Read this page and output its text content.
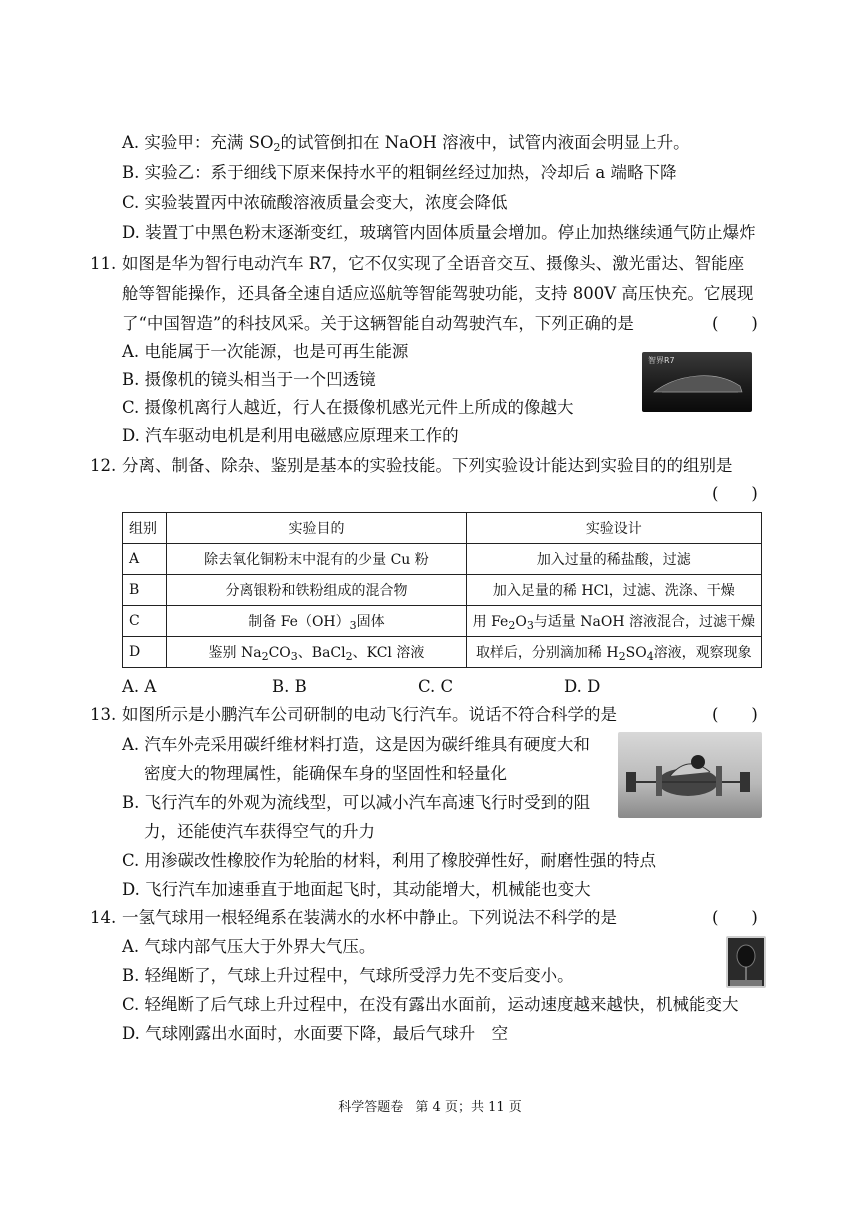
A. 实验甲：充满 $SO_2$的试管倒扣在 NaOH 溶液中，试管内液面会明显上升。
B. 实验乙：系于细线下原来保持水平的粗铜丝经过加热，冷却后 a 端略下降
C. 实验装置丙中浓硫酸溶液质量会变大，浓度会降低
D. 装置丁中黑色粉末逐渐变红，玻璃管内固体质量会增加。停止加热继续通气防止爆炸
11. 如图是华为智行电动汽车 R7，它不仅实现了全语音交互、摄像头、激光雷达、智能座
舱等智能操作，还具备全速自适应巡航等智能驾驶功能，支持 800V 高压快充。它展现
了“中国智造”的科技风采。关于这辆智能自动驾驶汽车，下列正确的是	(　　)
A. 电能属于一次能源，也是可再生能源
B. 摄像机的镜头相当于一个凹透镜
C. 摄像机离行人越近，行人在摄像机感光元件上所成的像越大
D. 汽车驱动电机是利用电磁感应原理来工作的
智界R7
12. 分离、制备、除杂、鉴别是基本的实验技能。下列实验设计能达到实验目的的组别是
(　　)
组别	实验目的	实验设计
A	除去氧化铜粉末中混有的少量 Cu 粉	加入过量的稀盐酸，过滤
B	分离银粉和铁粉组成的混合物	加入足量的稀 HCl，过滤、洗涤、干燥
C	制备 $Fe(OH)_3$固体	用 $Fe_2O_3$与适量 NaOH 溶液混合，过滤干燥
D	鉴别 $Na_2CO_3$、BaCl$_2$、KCl 溶液	取样后，分别滴加稀 $H_2SO_4$溶液，观察现象
A. A	B. B	C. C	D. D
13. 如图所示是小鹏汽车公司研制的电动飞行汽车。说话不符合科学的是	(　　)
A. 汽车外壳采用碳纤维材料打造，这是因为碳纤维具有硬度大和
密度大的物理属性，能确保车身的坚固性和轻量化
B. 飞行汽车的外观为流线型，可以减小汽车高速飞行时受到的阻
力，还能使汽车获得空气的升力
C. 用渗碳改性橡胶作为轮胎的材料，利用了橡胶弹性好，耐磨性强的特点
D. 飞行汽车加速垂直于地面起飞时，其动能增大，机械能也变大
14. 一氢气球用一根轻绳系在装满水的水杯中静止。下列说法不科学的是	(　　)
A. 气球内部气压大于外界大气压。
B. 轻绳断了，气球上升过程中，气球所受浮力先不变后变小。
C. 轻绳断了后气球上升过程中，在没有露出水面前，运动速度越来越快，机械能变大
D. 气球刚露出水面时，水面要下降，最后气球升　空
科学答题卷 第 4 页；共 11 页
